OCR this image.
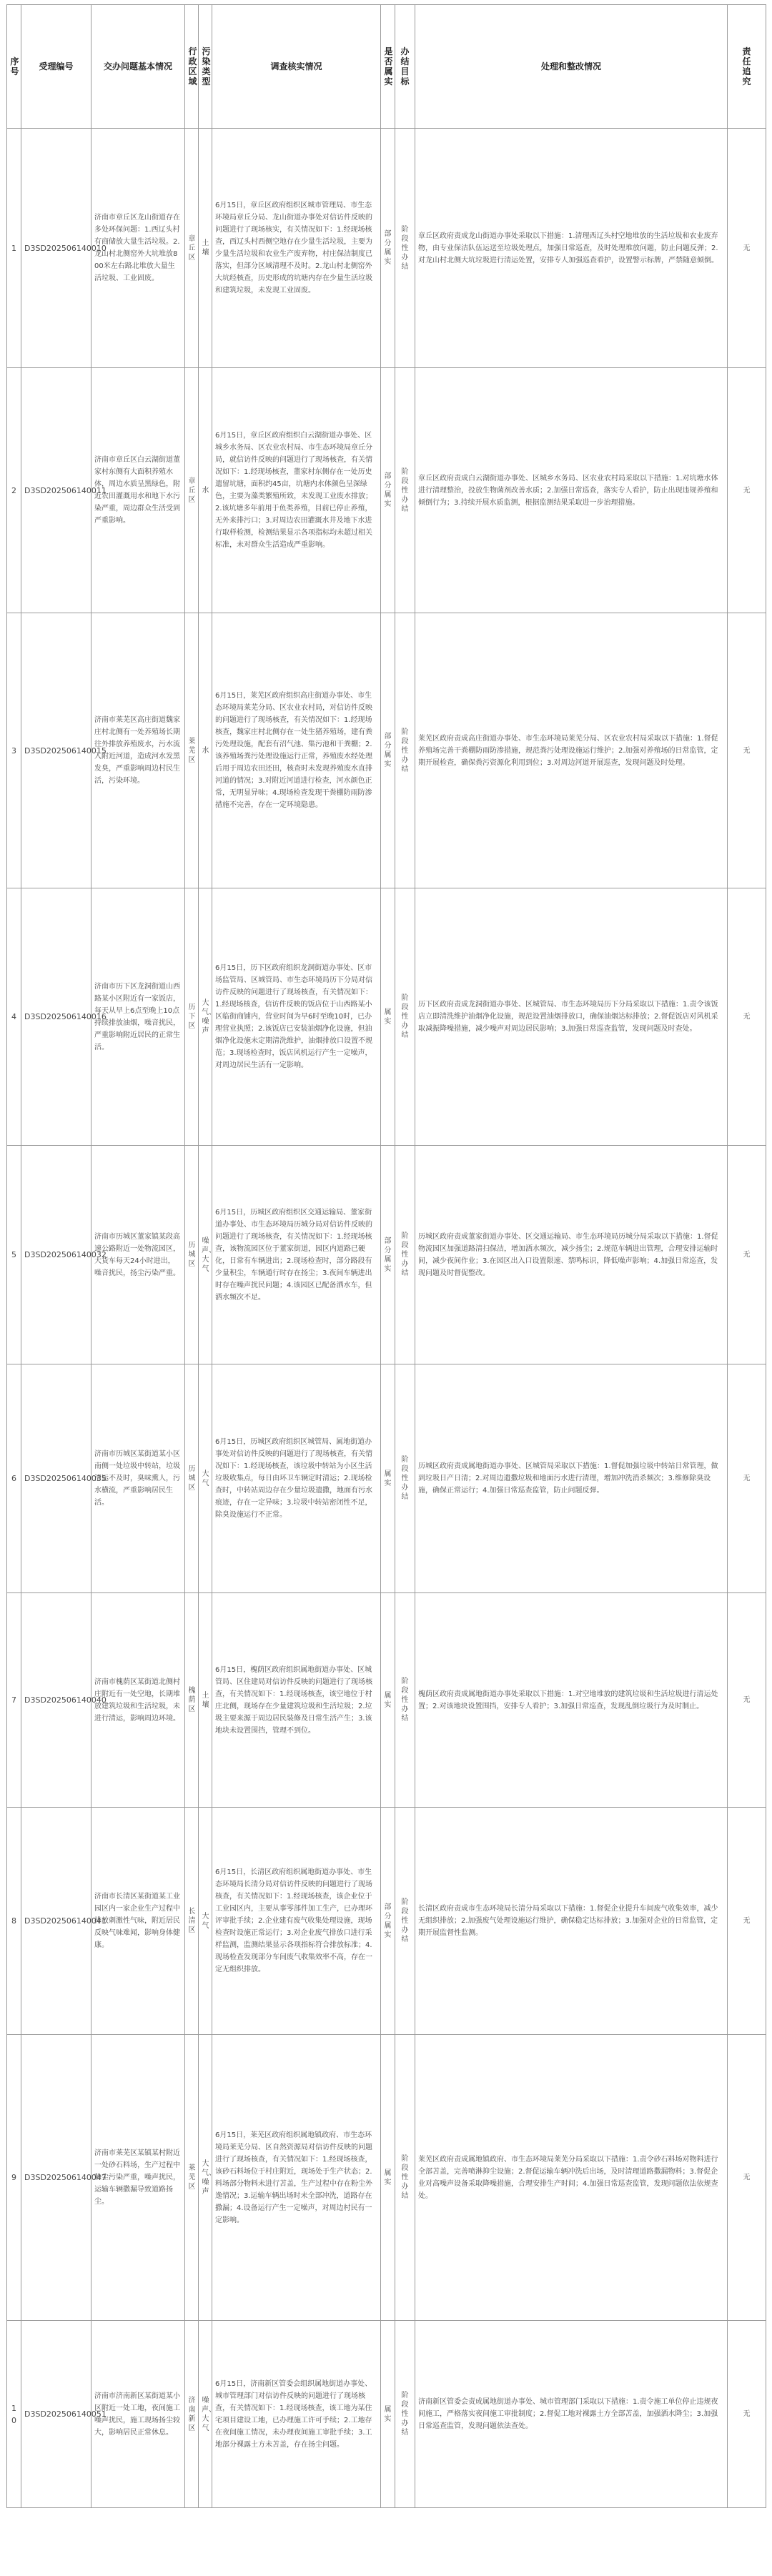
序号	受理编号	交办问题基本情况	行政区域	污染类型	调查核实情况	是否属实	办结目标	处理和整改情况	责任追究

1	D3SD202506140010	济南市章丘区龙山街道存在多处环保问题：1.西辽头村有商储放大量生活垃圾。2.龙山村北侧窑外大坑堆放800米左右路北堆放大量生活垃圾、工业固废。	章丘区	土壤	6月15日，章丘区政府组织区城市管理局、市生态环境局章丘分局、龙山街道办事处对信访件反映的问题进行了现场核实，有关情况如下：1.经现场核查，西辽头村西侧空地存在少量生活垃圾，主要为少量生活垃圾和农业生产废弃物，村庄保洁制度已落实，但部分区域清理不及时。2.龙山村北侧窑外大坑经核查，历史形成的坑塘内存在少量生活垃圾和建筑垃圾，未发现工业固废。	部分属实	阶段性办结	章丘区政府责成龙山街道办事处采取以下措施：1.清理西辽头村空地堆放的生活垃圾和农业废弃物，由专业保洁队伍运送至垃圾处理点，加强日常巡查，及时处理堆放问题，防止问题反弹；2.对龙山村北侧大坑垃圾进行清运处置，安排专人加强巡查看护，设置警示标牌，严禁随意倾倒。	无

2	D3SD202506140011	济南市章丘区白云湖街道董家村东侧有大面积养殖水体，周边水质呈黑绿色，附近农田灌溉用水和地下水污染严重，周边群众生活受到严重影响。	章丘区	水	6月15日，章丘区政府组织白云湖街道办事处、区城乡水务局、区农业农村局、市生态环境局章丘分局，就信访件反映的问题进行了现场核查，有关情况如下：1.经现场核查，董家村东侧存在一处历史遗留坑塘，面积约45亩，坑塘内水体颜色呈深绿色，主要为藻类繁殖所致，未发现工业废水排放；2.该坑塘多年前用于鱼类养殖，目前已停止养殖，无外来排污口；3.对周边农田灌溉水井及地下水进行取样检测，检测结果显示各项指标均未超过相关标准，未对群众生活造成严重影响。	部分属实	阶段性办结	章丘区政府责成白云湖街道办事处、区城乡水务局、区农业农村局采取以下措施：1.对坑塘水体进行清理整治，投放生物菌剂改善水质；2.加强日常巡查，落实专人看护，防止出现违规养殖和倾倒行为；3.持续开展水质监测，根据监测结果采取进一步治理措施。	无

3	D3SD202506140015	济南市莱芜区高庄街道魏家庄村北侧有一处养殖场长期往外排放养殖废水，污水流入附近河道，造成河水发黑发臭，严重影响周边村民生活，污染环境。	莱芜区	水	6月15日，莱芜区政府组织高庄街道办事处、市生态环境局莱芜分局、区农业农村局，对信访件反映的问题进行了现场核查，有关情况如下：1.经现场核查，魏家庄村北侧存在一处生猪养殖场，建有粪污处理设施，配套有沼气池、集污池和干粪棚；2.该养殖场粪污处理设施运行正常，养殖废水经处理后用于周边农田还田，核查时未发现养殖废水直排河道的情况；3.对附近河道进行检查，河水颜色正常，无明显异味；4.现场检查发现干粪棚防雨防渗措施不完善，存在一定环境隐患。	部分属实	阶段性办结	莱芜区政府责成高庄街道办事处、市生态环境局莱芜分局、区农业农村局采取以下措施：1.督促养殖场完善干粪棚防雨防渗措施，规范粪污处理设施运行维护；2.加强对养殖场的日常监管，定期开展检查，确保粪污资源化利用到位；3.对周边河道开展巡查，发现问题及时处理。	无

4	D3SD202506140016	济南市历下区龙洞街道山西路某小区附近有一家饭店，每天从早上6点至晚上10点持续排放油烟，噪音扰民，严重影响附近居民的正常生活。	历下区	大气、噪声	6月15日，历下区政府组织龙洞街道办事处、区市场监管局、区城管局、市生态环境局历下分局对信访件反映的问题进行了现场核查，有关情况如下：1.经现场核查，信访件反映的饭店位于山西路某小区临街商铺内，营业时间为早6时至晚10时，已办理营业执照；2.该饭店已安装油烟净化设施，但油烟净化设施未定期清洗维护，油烟排放口设置不规范；3.现场检查时，饭店风机运行产生一定噪声，对周边居民生活有一定影响。	属实	阶段性办结	历下区政府责成龙洞街道办事处、区城管局、市生态环境局历下分局采取以下措施：1.责令该饭店立即清洗维护油烟净化设施，规范设置油烟排放口，确保油烟达标排放；2.督促饭店对风机采取减振降噪措施，减少噪声对周边居民影响；3.加强日常巡查监管，发现问题及时查处。	无

5	D3SD202506140032	济南市历城区董家镇某段高速公路附近一处物流园区，大货车每天24小时进出，噪音扰民，扬尘污染严重。	历城区	噪声、大气	6月15日，历城区政府组织区交通运输局、董家街道办事处、市生态环境局历城分局对信访件反映的问题进行了现场核查，有关情况如下：1.经现场核查，该物流园区位于董家街道，园区内道路已硬化，日常有车辆进出；2.现场检查时，部分路段有少量积尘，车辆通行时存在扬尘；3.夜间车辆进出时存在噪声扰民问题；4.该园区已配备洒水车，但洒水频次不足。	部分属实	阶段性办结	历城区政府责成董家街道办事处、区交通运输局、市生态环境局历城分局采取以下措施：1.督促物流园区加强道路清扫保洁，增加洒水频次，减少扬尘；2.规范车辆进出管理，合理安排运输时间，减少夜间作业；3.在园区出入口设置限速、禁鸣标识，降低噪声影响；4.加强日常巡查，发现问题及时督促整改。	无

6	D3SD202506140035	济南市历城区某街道某小区南侧一处垃圾中转站，垃圾清运不及时，臭味熏人，污水横流，严重影响居民生活。	历城区	大气	6月15日，历城区政府组织区城管局、属地街道办事处对信访件反映的问题进行了现场核查，有关情况如下：1.经现场核查，该垃圾中转站为小区生活垃圾收集点，每日由环卫车辆定时清运；2.现场检查时，中转站周边存在少量垃圾遗撒，地面有污水痕迹，存在一定异味；3.垃圾中转站密闭性不足，除臭设施运行不正常。	属实	阶段性办结	历城区政府责成属地街道办事处、区城管局采取以下措施：1.督促加强垃圾中转站日常管理，做到垃圾日产日清；2.对周边遗撒垃圾和地面污水进行清理，增加冲洗消杀频次；3.维修除臭设施，确保正常运行；4.加强日常巡查监管，防止问题反弹。	无

7	D3SD202506140040	济南市槐荫区某街道北侧村庄附近有一处空地，长期堆放建筑垃圾和生活垃圾，未进行清运，影响周边环境。	槐荫区	土壤	6月15日，槐荫区政府组织属地街道办事处、区城管局、区住建局对信访件反映的问题进行了现场核查，有关情况如下：1.经现场核查，该空地位于村庄北侧，现场存在少量建筑垃圾和生活垃圾；2.垃圾主要来源于周边居民装修及日常生活产生；3.该地块未设置围挡，管理不到位。	属实	阶段性办结	槐荫区政府责成属地街道办事处采取以下措施：1.对空地堆放的建筑垃圾和生活垃圾进行清运处置；2.对该地块设置围挡，安排专人看护；3.加强日常巡查，发现乱倒垃圾行为及时制止。	无

8	D3SD202506140041	济南市长清区某街道某工业园区内一家企业生产过程中排放刺激性气味，附近居民反映气味难闻，影响身体健康。	长清区	大气	6月15日，长清区政府组织属地街道办事处、市生态环境局长清分局对信访件反映的问题进行了现场核查，有关情况如下：1.经现场核查，该企业位于工业园区内，主要从事零部件加工生产，已办理环评审批手续；2.企业建有废气收集处理设施，现场检查时设施正常运行；3.对企业废气排放口进行采样监测，监测结果显示各项指标符合排放标准；4.现场检查发现部分车间废气收集效率不高，存在一定无组织排放。	部分属实	阶段性办结	长清区政府责成市生态环境局长清分局采取以下措施：1.督促企业提升车间废气收集效率，减少无组织排放；2.加强废气处理设施运行维护，确保稳定达标排放；3.加强对企业的日常监管，定期开展监督性监测。	无

9	D3SD202506140047	济南市莱芜区某镇某村附近一处砂石料场，生产过程中粉尘污染严重，噪声扰民，运输车辆撒漏导致道路扬尘。	莱芜区	大气、噪声	6月15日，莱芜区政府组织属地镇政府、市生态环境局莱芜分局、区自然资源局对信访件反映的问题进行了现场核查，有关情况如下：1.经现场核查，该砂石料场位于村庄附近，现场处于生产状态；2.料场部分物料未进行苫盖，生产过程中存在粉尘外逸情况；3.运输车辆出场时未全部冲洗，道路存在撒漏；4.设备运行产生一定噪声，对周边村民有一定影响。	属实	阶段性办结	莱芜区政府责成属地镇政府、市生态环境局莱芜分局采取以下措施：1.责令砂石料场对物料进行全部苫盖，完善喷淋抑尘设施；2.督促运输车辆冲洗后出场，及时清理道路撒漏物料；3.督促企业对高噪声设备采取降噪措施，合理安排生产时间；4.加强日常巡查监管，发现问题依法依规查处。	无

10	D3SD202506140051	济南市济南新区某街道某小区附近一处工地，夜间施工噪声扰民，施工现场扬尘较大，影响居民正常休息。	济南新区	噪声、大气	6月15日，济南新区管委会组织属地街道办事处、城市管理部门对信访件反映的问题进行了现场核查，有关情况如下：1.经现场核查，该工地为某住宅项目建设工地，已办理施工许可手续；2.工地存在夜间施工情况，未办理夜间施工审批手续；3.工地部分裸露土方未苫盖，存在扬尘问题。	属实	阶段性办结	济南新区管委会责成属地街道办事处、城市管理部门采取以下措施：1.责令施工单位停止违规夜间施工，严格落实夜间施工审批制度；2.督促工地对裸露土方全部苫盖，加强洒水降尘；3.加强日常巡查监管，发现问题依法查处。	无
